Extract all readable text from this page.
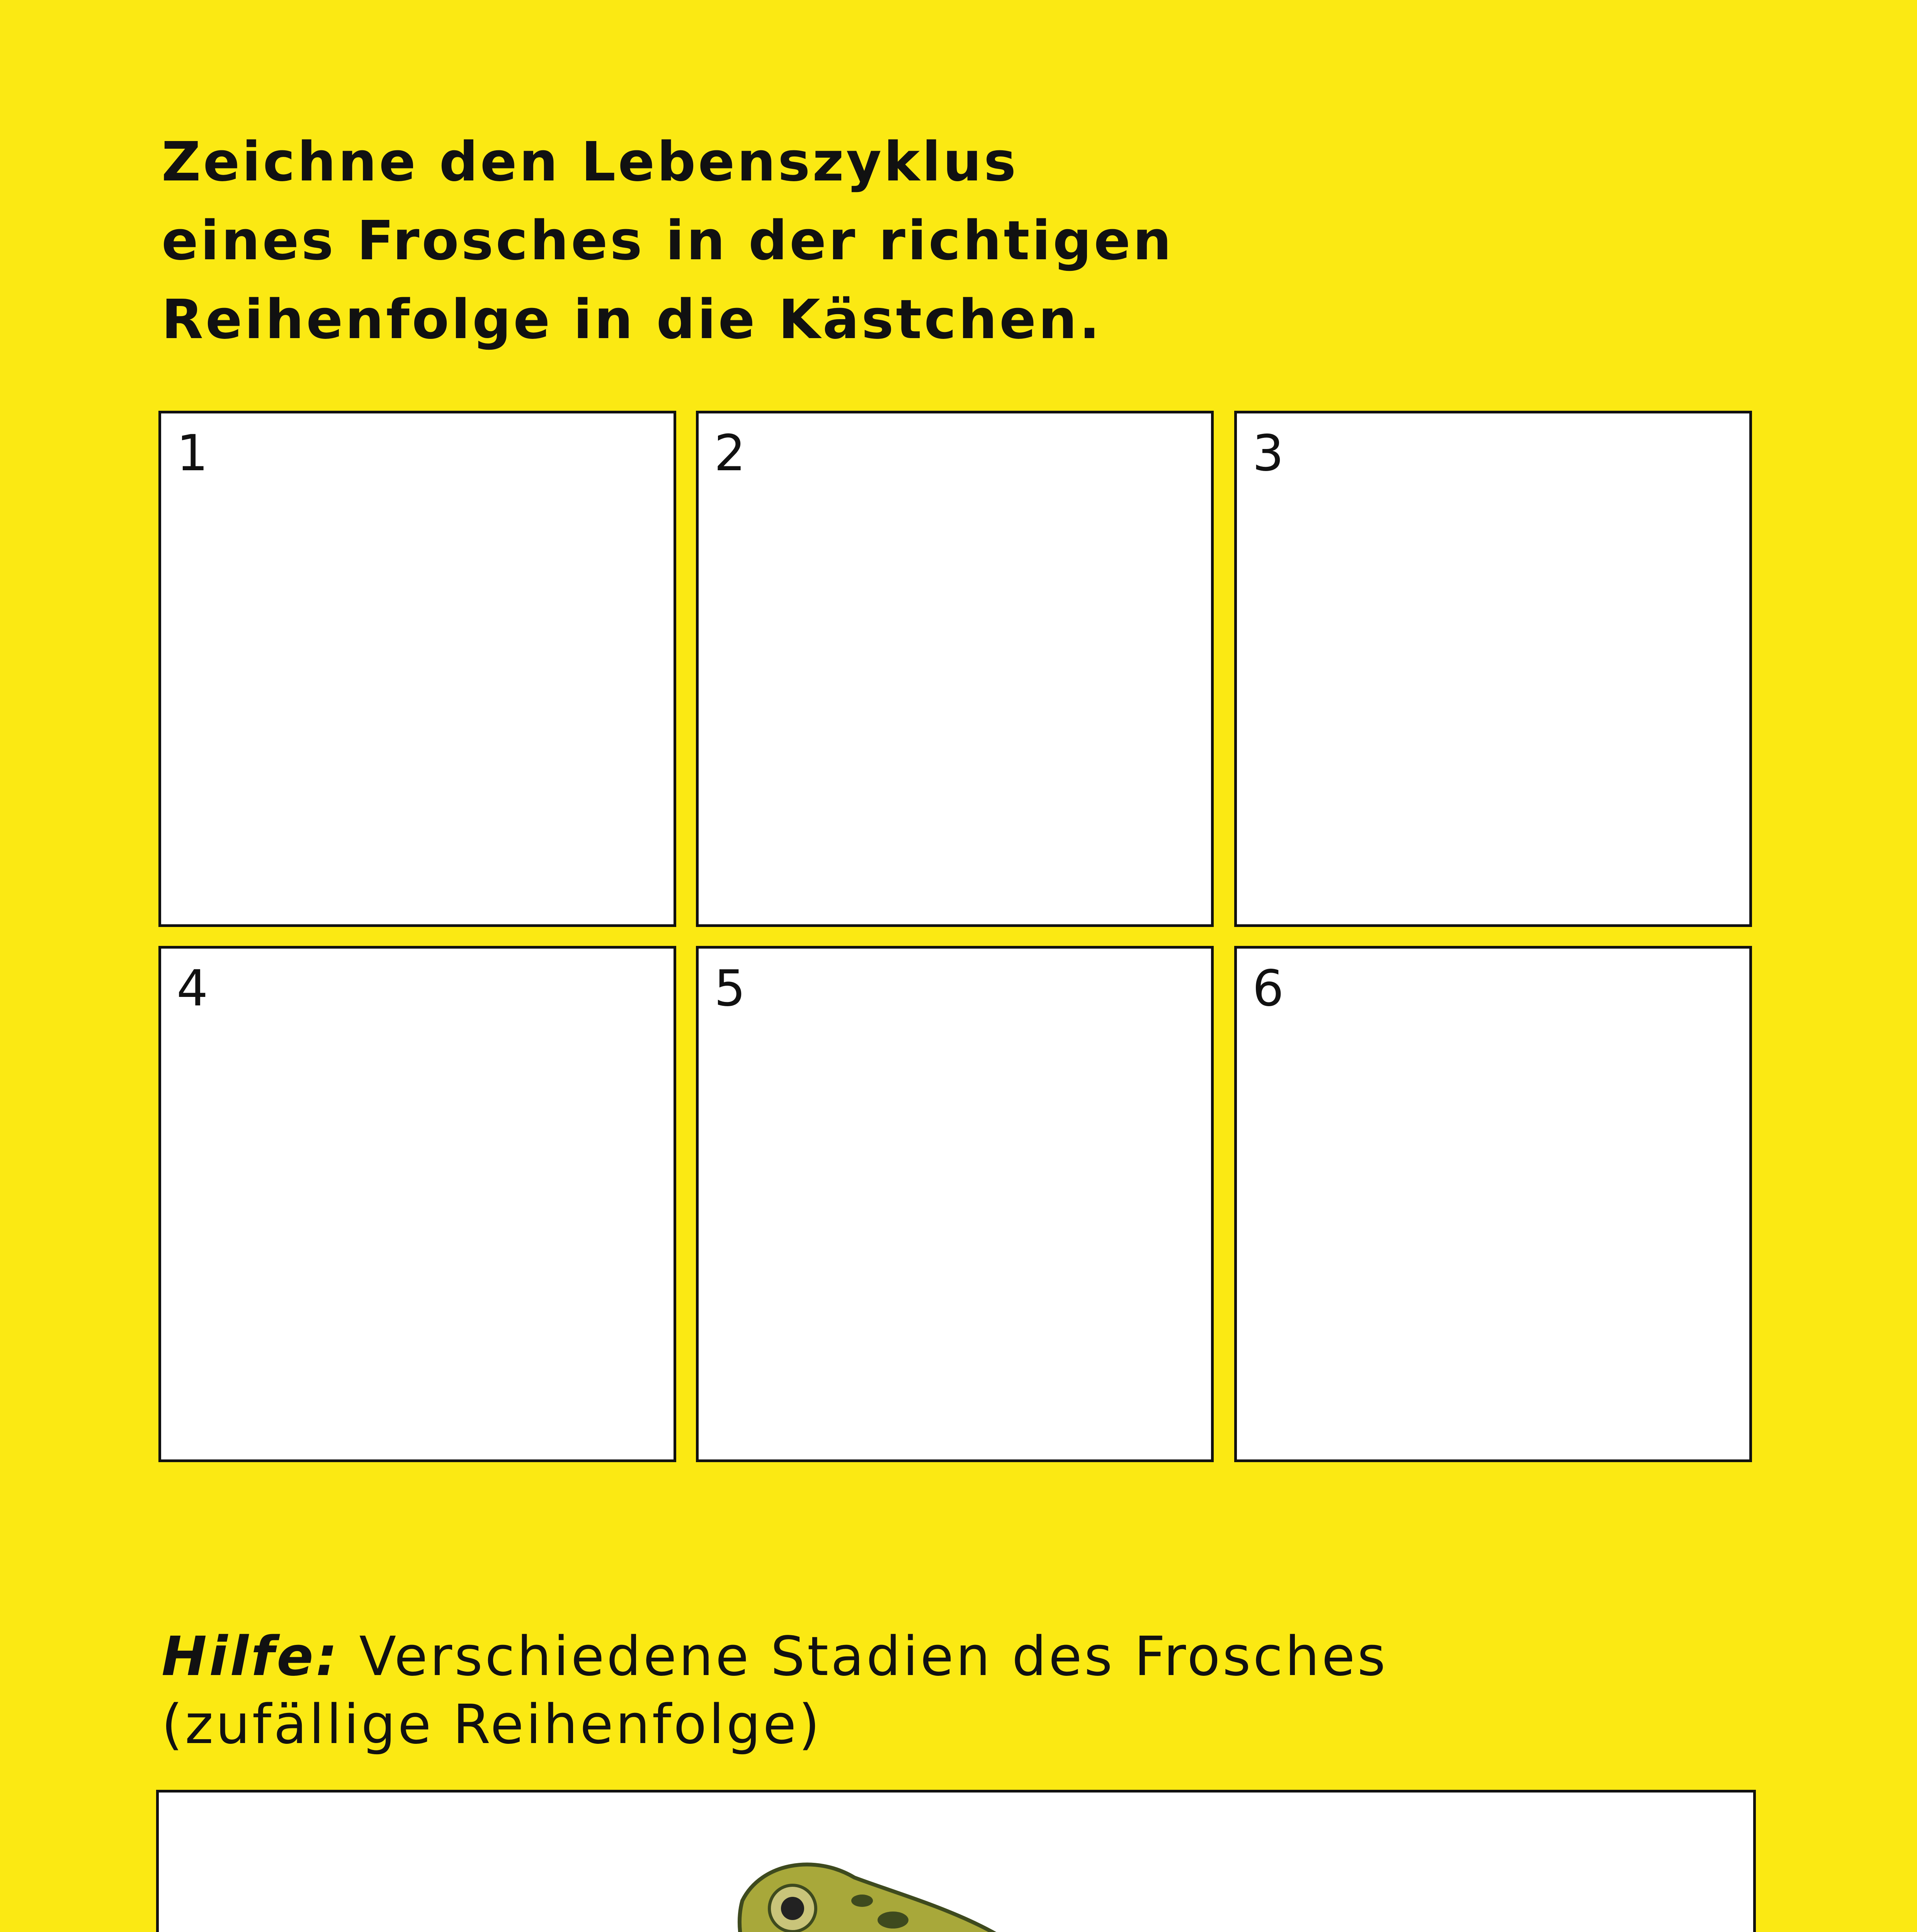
Zeichne den Lebenszyklus
eines Frosches in der richtigen
Reihenfolge in die Kästchen.
1	2	3
4	5	6
Hilfe: Verschiedene Stadien des Frosches
(zufällige Reihenfolge)
